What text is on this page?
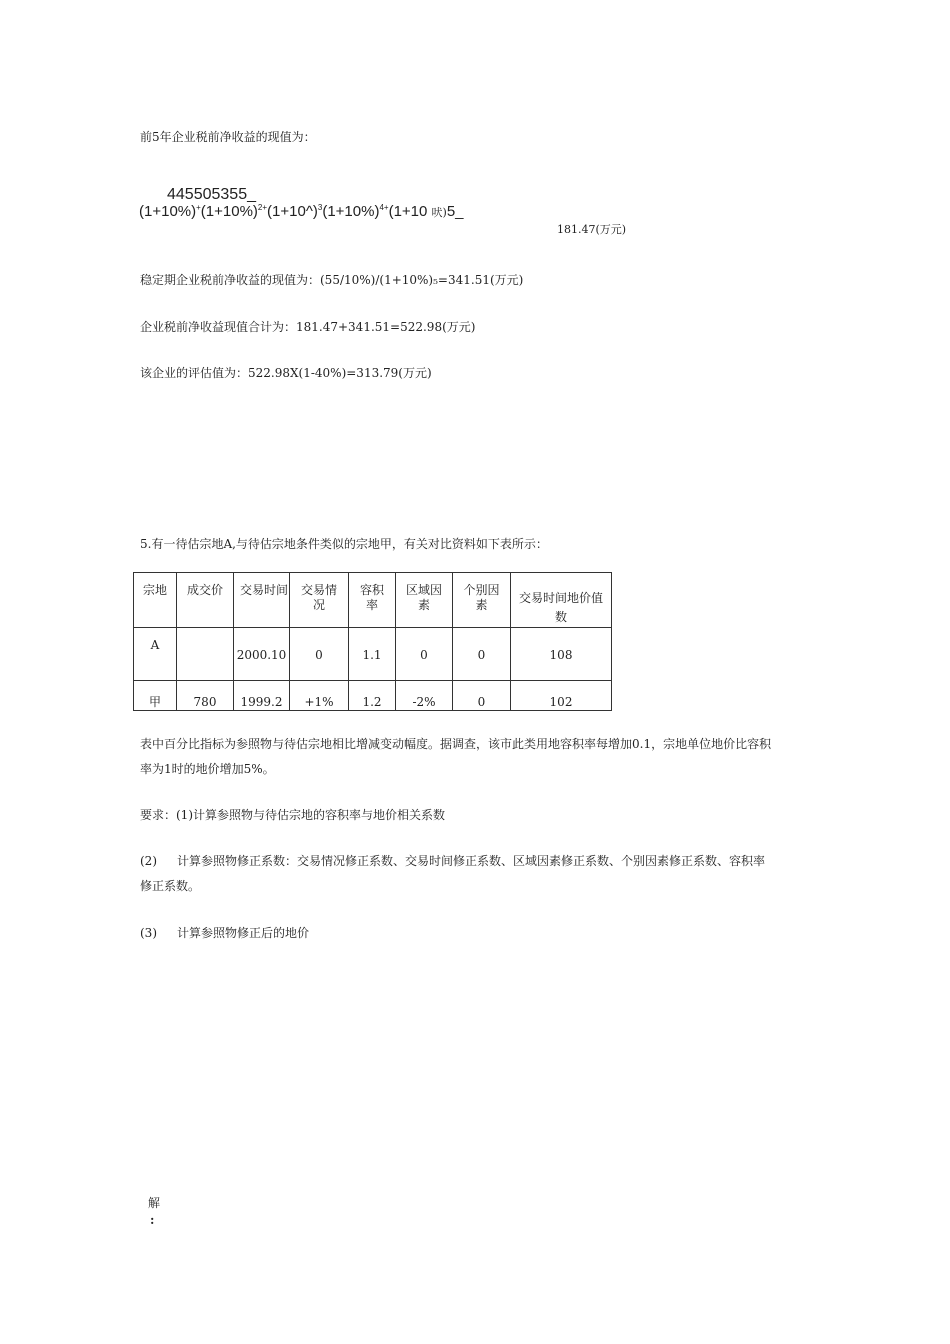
前5年企业税前净收益的现值为：
445505355_
$(1+10\%)^+(1+10\%)^{2+}(1+10\^{})^3(1+10\%)^{4+}(1+10$ 吠)5_
181.47(万元)
稳定期企业税前净收益的现值为：(55/10%)/(1+10%)₅=341.51(万元)
企业税前净收益现值合计为：181.47+341.51=522.98(万元)
该企业的评估值为：522.98X(1-40%)=313.79(万元)
5.有一待估宗地A,与待估宗地条件类似的宗地甲，有关对比资料如下表所示：
宗地	成交价	交易时间	交易情况	容积率	区域因素	个别因素	交易时间地价值数

A		2000.10	0	1.1	0	0	108

甲	780	1999.2	+1%	1.2	-2%	0	102
表中百分比指标为参照物与待估宗地相比增减变动幅度。据调查，该市此类用地容积率每增加0.1，宗地单位地价比容积
率为1时的地价增加5%。
要求：(1)计算参照物与待估宗地的容积率与地价相关系数
(2) 计算参照物修正系数：交易情况修正系数、交易时间修正系数、区域因素修正系数、个别因素修正系数、容积率
修正系数。
(3) 计算参照物修正后的地价
解
:
